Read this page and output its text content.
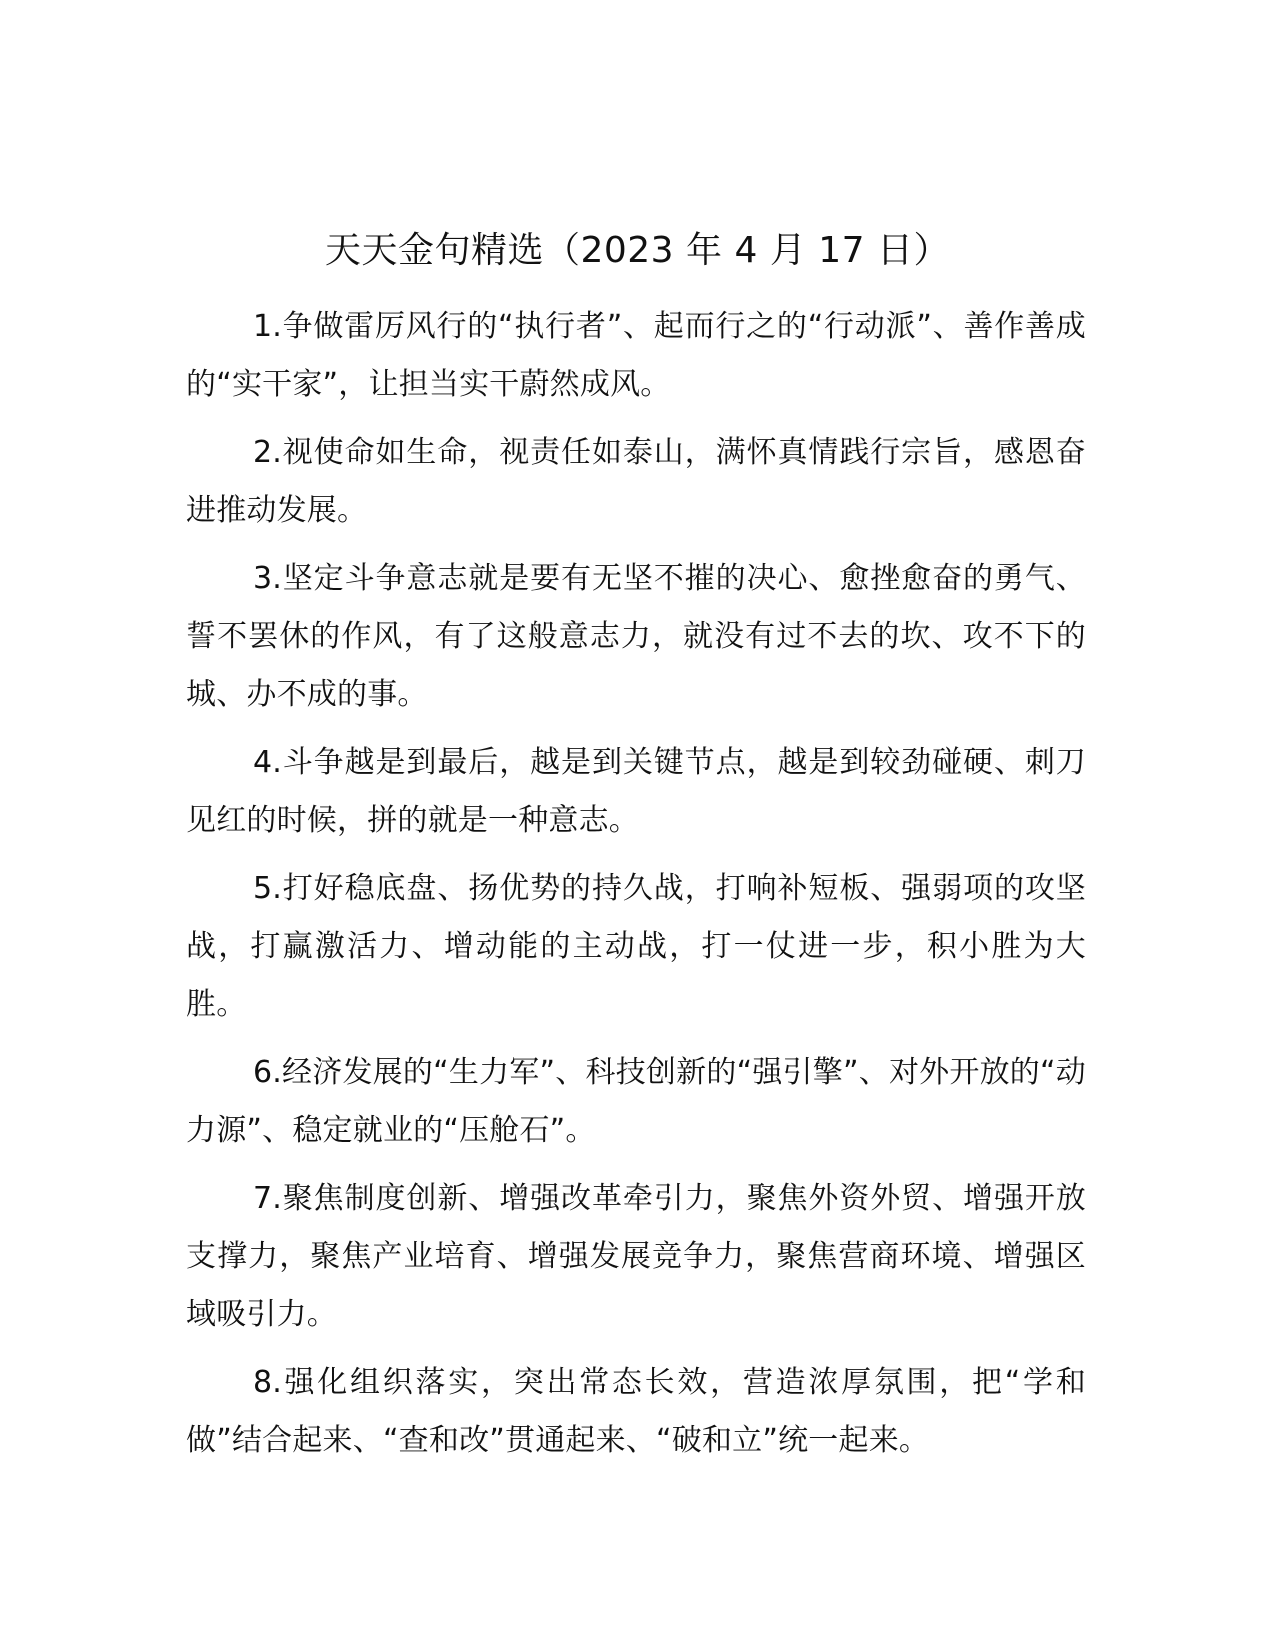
天天金句精选（2023 年 4 月 17 日）

1.争做雷厉风行的“执行者”、起而行之的“行动派”、善作善成的“实干家”，让担当实干蔚然成风。

2.视使命如生命，视责任如泰山，满怀真情践行宗旨，感恩奋进推动发展。

3.坚定斗争意志就是要有无坚不摧的决心、愈挫愈奋的勇气、誓不罢休的作风，有了这般意志力，就没有过不去的坎、攻不下的城、办不成的事。

4.斗争越是到最后，越是到关键节点，越是到较劲碰硬、刺刀见红的时候，拼的就是一种意志。

5.打好稳底盘、扬优势的持久战，打响补短板、强弱项的攻坚战，打赢激活力、增动能的主动战，打一仗进一步，积小胜为大胜。

6.经济发展的“生力军”、科技创新的“强引擎”、对外开放的“动力源”、稳定就业的“压舱石”。

7.聚焦制度创新、增强改革牵引力，聚焦外资外贸、增强开放支撑力，聚焦产业培育、增强发展竞争力，聚焦营商环境、增强区域吸引力。

8.强化组织落实，突出常态长效，营造浓厚氛围，把“学和做”结合起来、“查和改”贯通起来、“破和立”统一起来。
